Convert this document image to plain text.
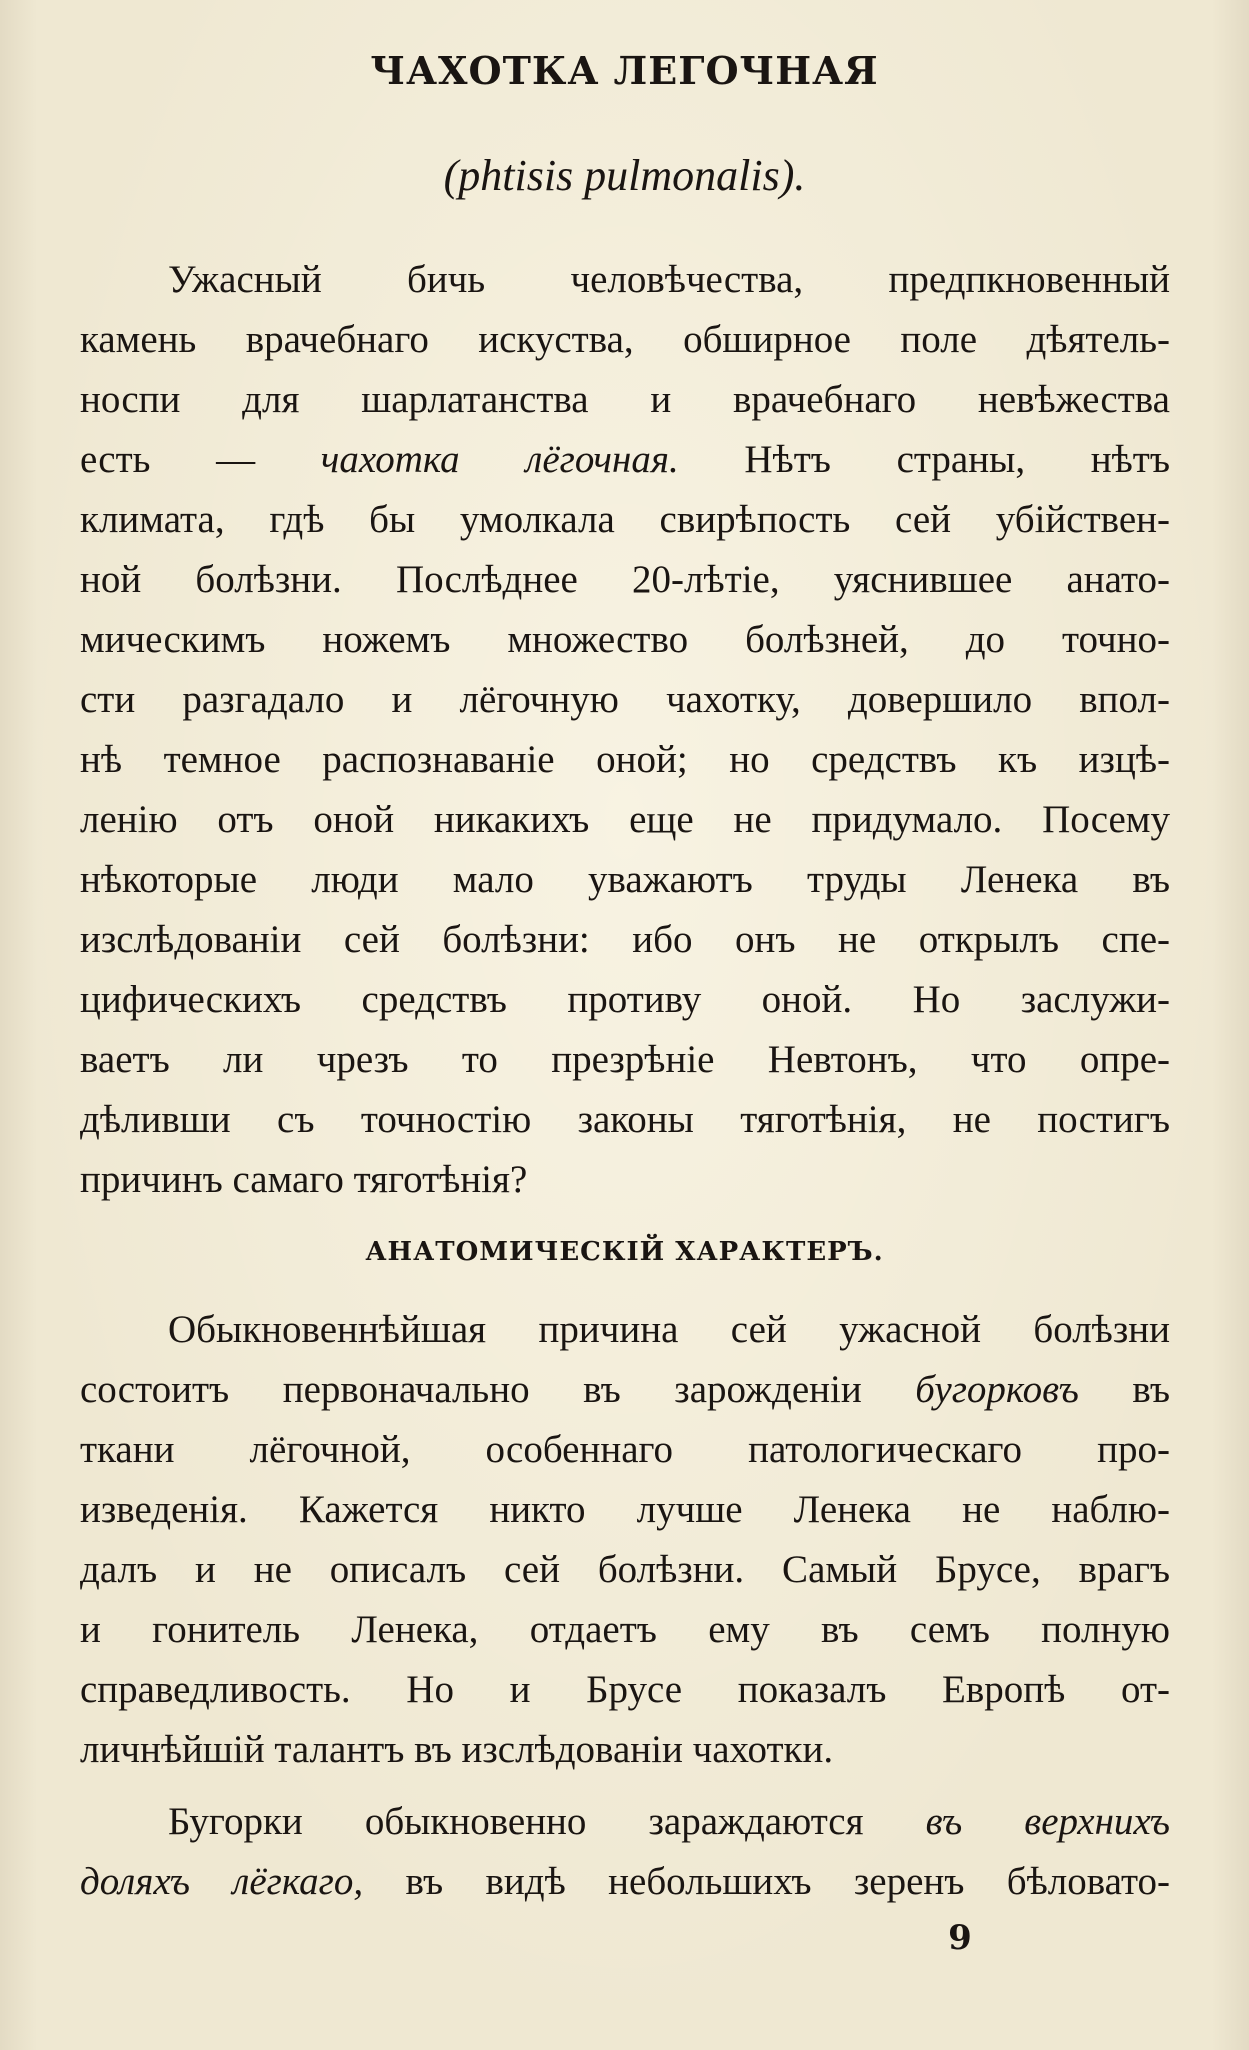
ЧАХОТКА ЛЕГОЧНАЯ
(phtisis pulmonalis).
Ужасный бичь человѣчества, предпкновенный
камень врачебнаго искуства, обширное поле дѣятель-
носпи для шарлатанства и врачебнаго невѣжества
есть — чахотка лёгочная. Нѣтъ страны, нѣтъ
климата, гдѣ бы умолкала свирѣпость сей убійствен-
ной болѣзни. Послѣднее 20-лѣтіе, уяснившее анато-
мическимъ ножемъ множество болѣзней, до точно-
сти разгадало и лёгочную чахотку, довершило впол-
нѣ темное распознаваніе оной; но средствъ къ изцѣ-
ленію отъ оной никакихъ еще не придумало. Посему
нѣкоторые люди мало уважаютъ труды Ленека въ
изслѣдованіи сей болѣзни: ибо онъ не открылъ спе-
цифическихъ средствъ противу оной. Но заслужи-
ваетъ ли чрезъ то презрѣніе Невтонъ, что опре-
дѣливши съ точностію законы тяготѣнія, не постигъ
причинъ самаго тяготѣнія?
АНАТОМИЧЕСКІЙ ХАРАКТЕРЪ.
Обыкновеннѣйшая причина сей ужасной болѣзни
состоитъ первоначально въ зарожденіи бугорковъ въ
ткани лёгочной, особеннаго патологическаго про-
изведенія. Кажется никто лучше Ленека не наблю-
далъ и не описалъ сей болѣзни. Самый Брусе, врагъ
и гонитель Ленека, отдаетъ ему въ семъ полную
справедливость. Но и Брусе показалъ Европѣ от-
личнѣйшій талантъ въ изслѣдованіи чахотки.
Бугорки обыкновенно зараждаются въ верхнихъ
доляхъ лёгкаго, въ видѣ небольшихъ зеренъ бѣловато-
9
